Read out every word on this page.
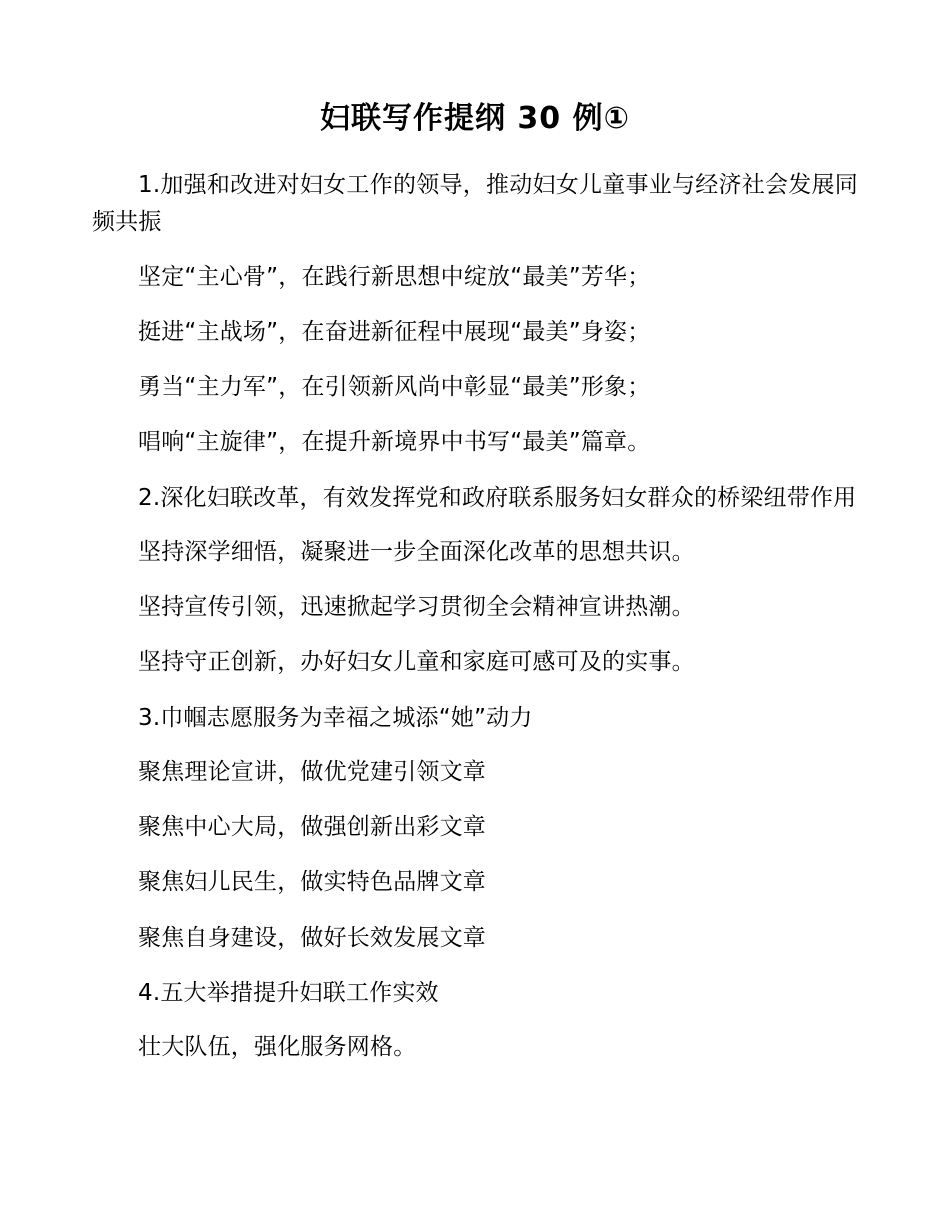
妇联写作提纲 30 例①

1.加强和改进对妇女工作的领导，推动妇女儿童事业与经济社会发展同频共振

坚定“主心骨”，在践行新思想中绽放“最美”芳华；

挺进“主战场”，在奋进新征程中展现“最美”身姿；

勇当“主力军”，在引领新风尚中彰显“最美”形象；

唱响“主旋律”，在提升新境界中书写“最美”篇章。

2.深化妇联改革，有效发挥党和政府联系服务妇女群众的桥梁纽带作用

坚持深学细悟，凝聚进一步全面深化改革的思想共识。

坚持宣传引领，迅速掀起学习贯彻全会精神宣讲热潮。

坚持守正创新，办好妇女儿童和家庭可感可及的实事。

3.巾帼志愿服务为幸福之城添“她”动力

聚焦理论宣讲，做优党建引领文章

聚焦中心大局，做强创新出彩文章

聚焦妇儿民生，做实特色品牌文章

聚焦自身建设，做好长效发展文章

4.五大举措提升妇联工作实效

壮大队伍，强化服务网格。
